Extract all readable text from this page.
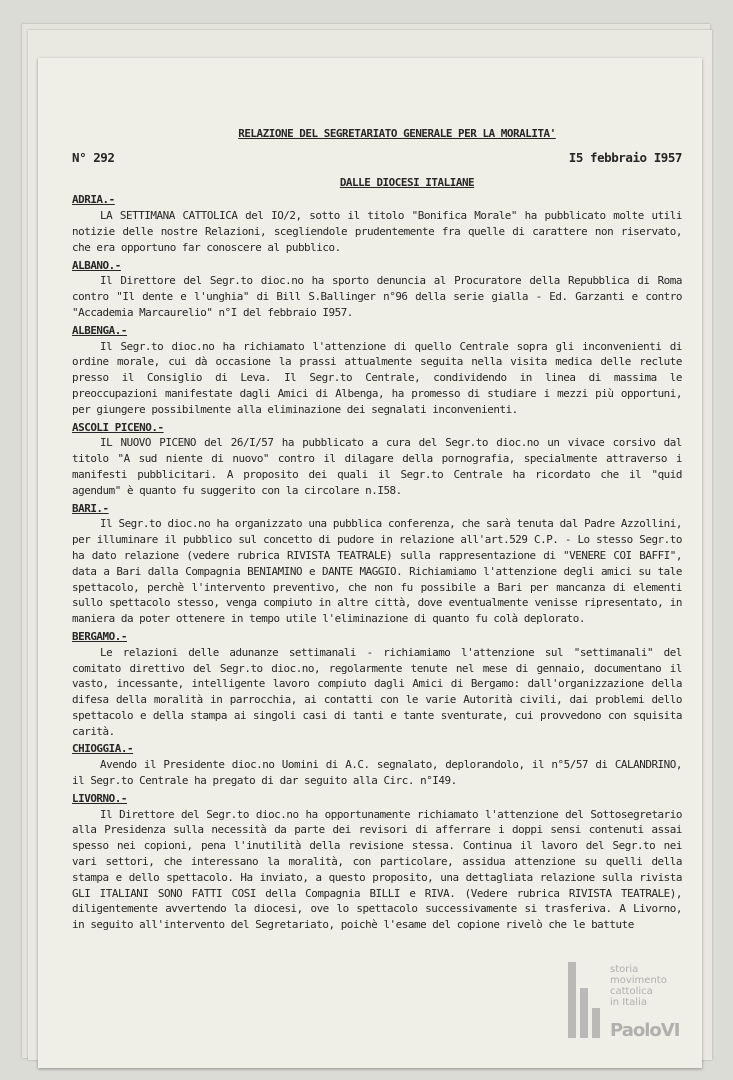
RELAZIONE DEL SEGRETARIATO GENERALE PER LA MORALITA'
N° 292	I5 febbraio I957
DALLE DIOCESI ITALIANE
ADRIA.-
LA SETTIMANA CATTOLICA del IO/2, sotto il titolo "Bonifica Morale" ha pubblicato molte utili notizie delle nostre Relazioni, scegliendole prudentemente fra quelle di carattere non riservato, che era opportuno far conoscere al pubblico.
ALBANO.-
Il Direttore del Segr.to dioc.no ha sporto denuncia al Procuratore della Repubblica di Roma contro "Il dente e l'unghia" di Bill S.Ballinger n°96 della serie gialla - Ed. Garzanti e contro "Accademia Marcaurelio" n°I del febbraio I957.
ALBENGA.-
Il Segr.to dioc.no ha richiamato l'attenzione di quello Centrale sopra gli inconvenienti di ordine morale, cui dà occasione la prassi attualmente seguita nella visita medica delle reclute presso il Consiglio di Leva. Il Segr.to Centrale, condividendo in linea di massima le preoccupazioni manifestate dagli Amici di Albenga, ha promesso di studiare i mezzi più opportuni, per giungere possibilmente alla eliminazione dei segnalati inconvenienti.
ASCOLI PICENO.-
IL NUOVO PICENO del 26/I/57 ha pubblicato a cura del Segr.to dioc.no un vivace corsivo dal titolo "A sud niente di nuovo" contro il dilagare della pornografia, specialmente attraverso i manifesti pubblicitari. A proposito dei quali il Segr.to Centrale ha ricordato che il "quid agendum" è quanto fu suggerito con la circolare n.I58.
BARI.-
Il Segr.to dioc.no ha organizzato una pubblica conferenza, che sarà tenuta dal Padre Azzollini, per illuminare il pubblico sul concetto di pudore in relazione all'art.529 C.P. - Lo stesso Segr.to ha dato relazione (vedere rubrica RIVISTA TEATRALE) sulla rappresentazione di "VENERE COI BAFFI", data a Bari dalla Compagnia BENIAMINO e DANTE MAGGIO. Richiamiamo l'attenzione degli amici su tale spettacolo, perchè l'intervento preventivo, che non fu possibile a Bari per mancanza di elementi sullo spettacolo stesso, venga compiuto in altre città, dove eventualmente venisse ripresentato, in maniera da poter ottenere in tempo utile l'eliminazione di quanto fu colà deplorato.
BERGAMO.-
Le relazioni delle adunanze settimanali - richiamiamo l'attenzione sul "settimanali" del comitato direttivo del Segr.to dioc.no, regolarmente tenute nel mese di gennaio, documentano il vasto, incessante, intelligente lavoro compiuto dagli Amici di Bergamo: dall'organizzazione della difesa della moralità in parrocchia, ai contatti con le varie Autorità civili, dai problemi dello spettacolo e della stampa ai singoli casi di tanti e tante sventurate, cui provvedono con squisita carità.
CHIOGGIA.-
Avendo il Presidente dioc.no Uomini di A.C. segnalato, deplorandolo, il n°5/57 di CALANDRINO, il Segr.to Centrale ha pregato di dar seguito alla Circ. n°I49.
LIVORNO.-
Il Direttore del Segr.to dioc.no ha opportunamente richiamato l'attenzione del Sottosegretario alla Presidenza sulla necessità da parte dei revisori di afferrare i doppi sensi contenuti assai spesso nei copioni, pena l'inutilità della revisione stessa. Continua il lavoro del Segr.to nei vari settori, che interessano la moralità, con particolare, assidua attenzione su quelli della stampa e dello spettacolo. Ha inviato, a questo proposito, una dettagliata relazione sulla rivista GLI ITALIANI SONO FATTI COSI della Compagnia BILLI e RIVA. (Vedere rubrica RIVISTA TEATRALE), diligentemente avvertendo la diocesi, ove lo spettacolo successivamente si trasferiva. A Livorno, in seguito all'intervento del Segretariato, poichè l'esame del copione rivelò che le battute
storia
movimento
cattolica
in Italia
PaoloVI
